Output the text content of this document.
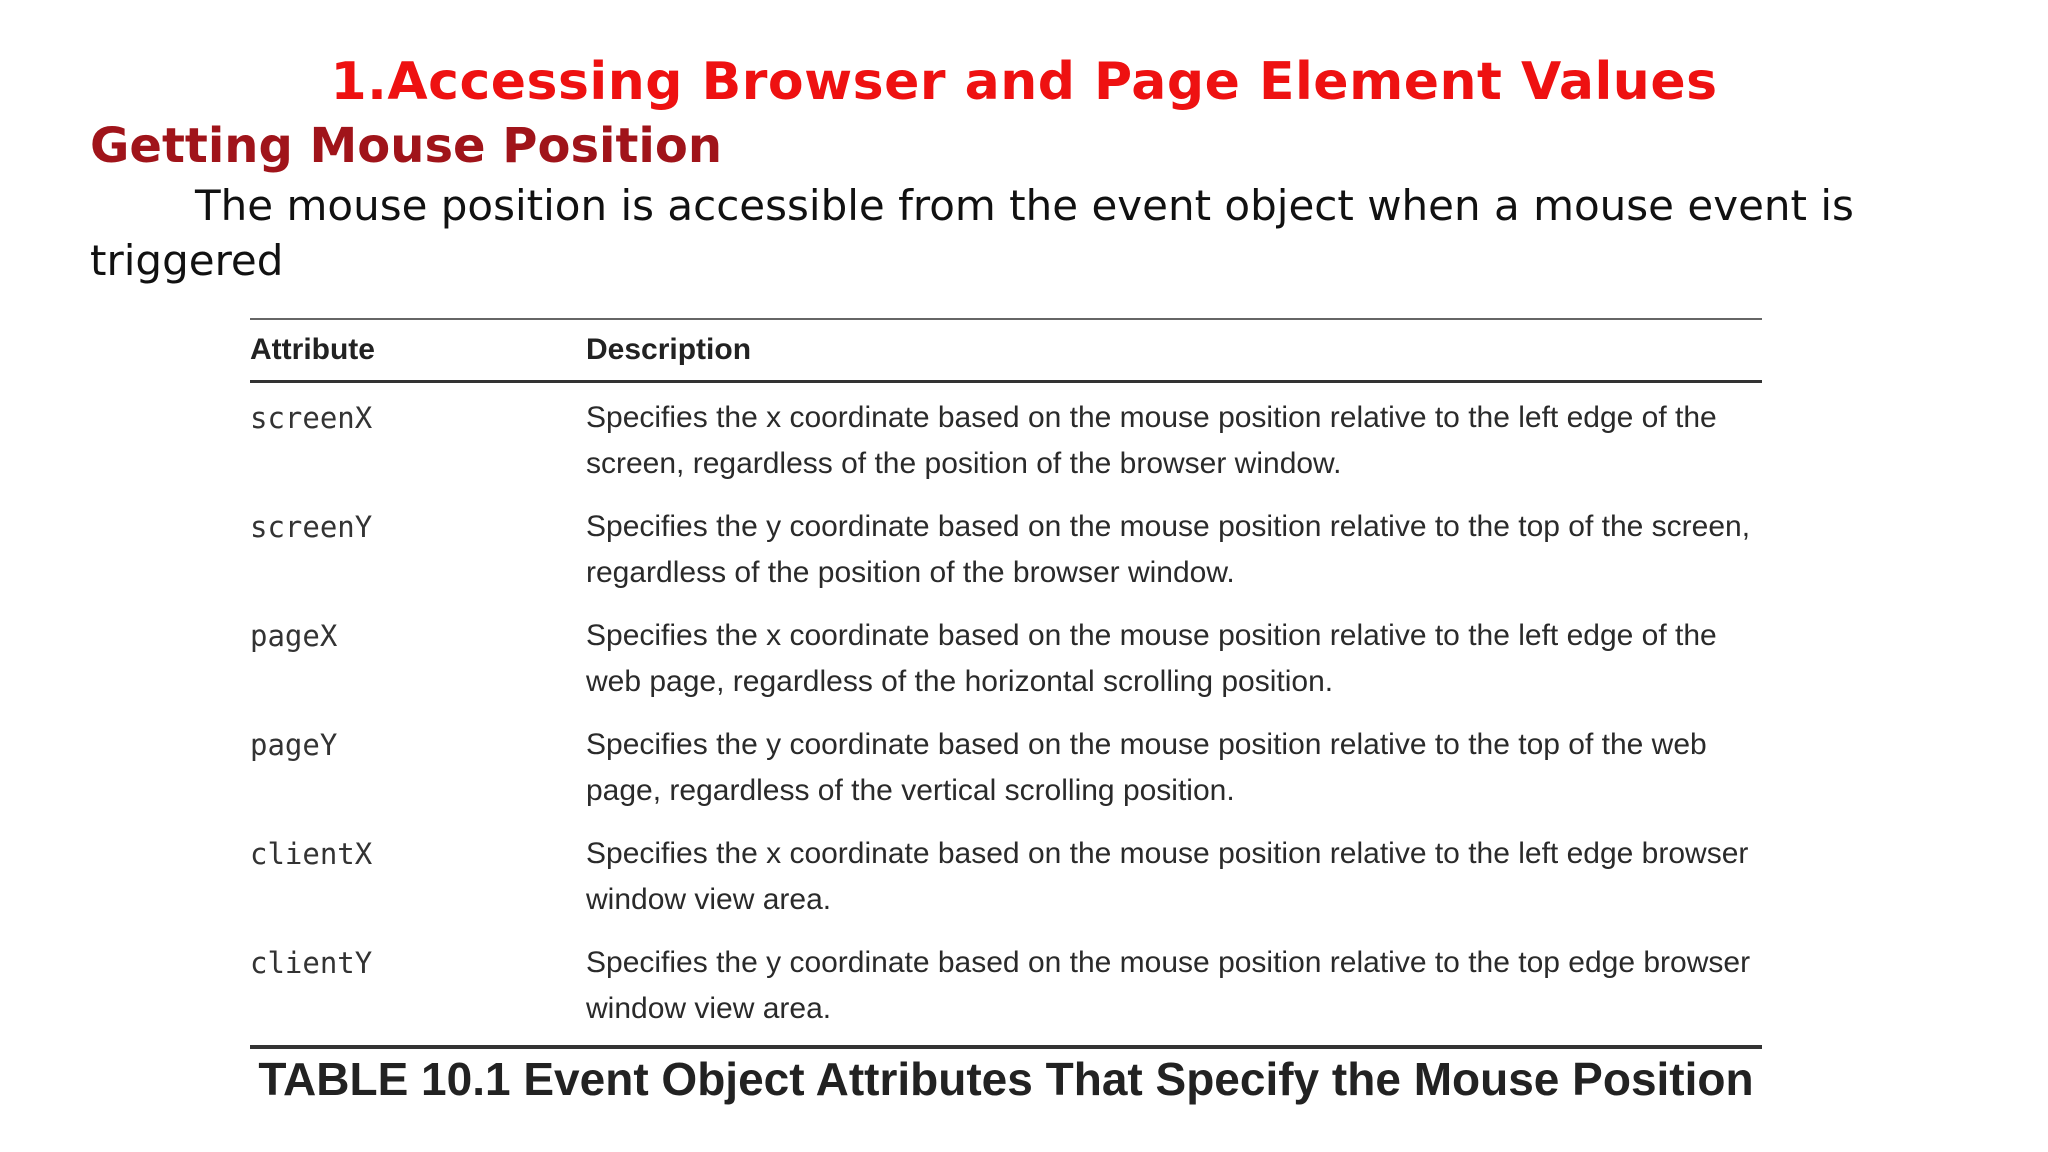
1.Accessing Browser and Page Element Values
Getting Mouse Position
The mouse position is accessible from the event object when a mouse event is triggered
Attribute	Description
screenX	Specifies the x coordinate based on the mouse position relative to the left edge of the screen, regardless of the position of the browser window.
screenY	Specifies the y coordinate based on the mouse position relative to the top of the screen, regardless of the position of the browser window.
pageX	Specifies the x coordinate based on the mouse position relative to the left edge of the web page, regardless of the horizontal scrolling position.
pageY	Specifies the y coordinate based on the mouse position relative to the top of the web page, regardless of the vertical scrolling position.
clientX	Specifies the x coordinate based on the mouse position relative to the left edge browser window view area.
clientY	Specifies the y coordinate based on the mouse position relative to the top edge browser window view area.
TABLE 10.1 Event Object Attributes That Specify the Mouse Position
